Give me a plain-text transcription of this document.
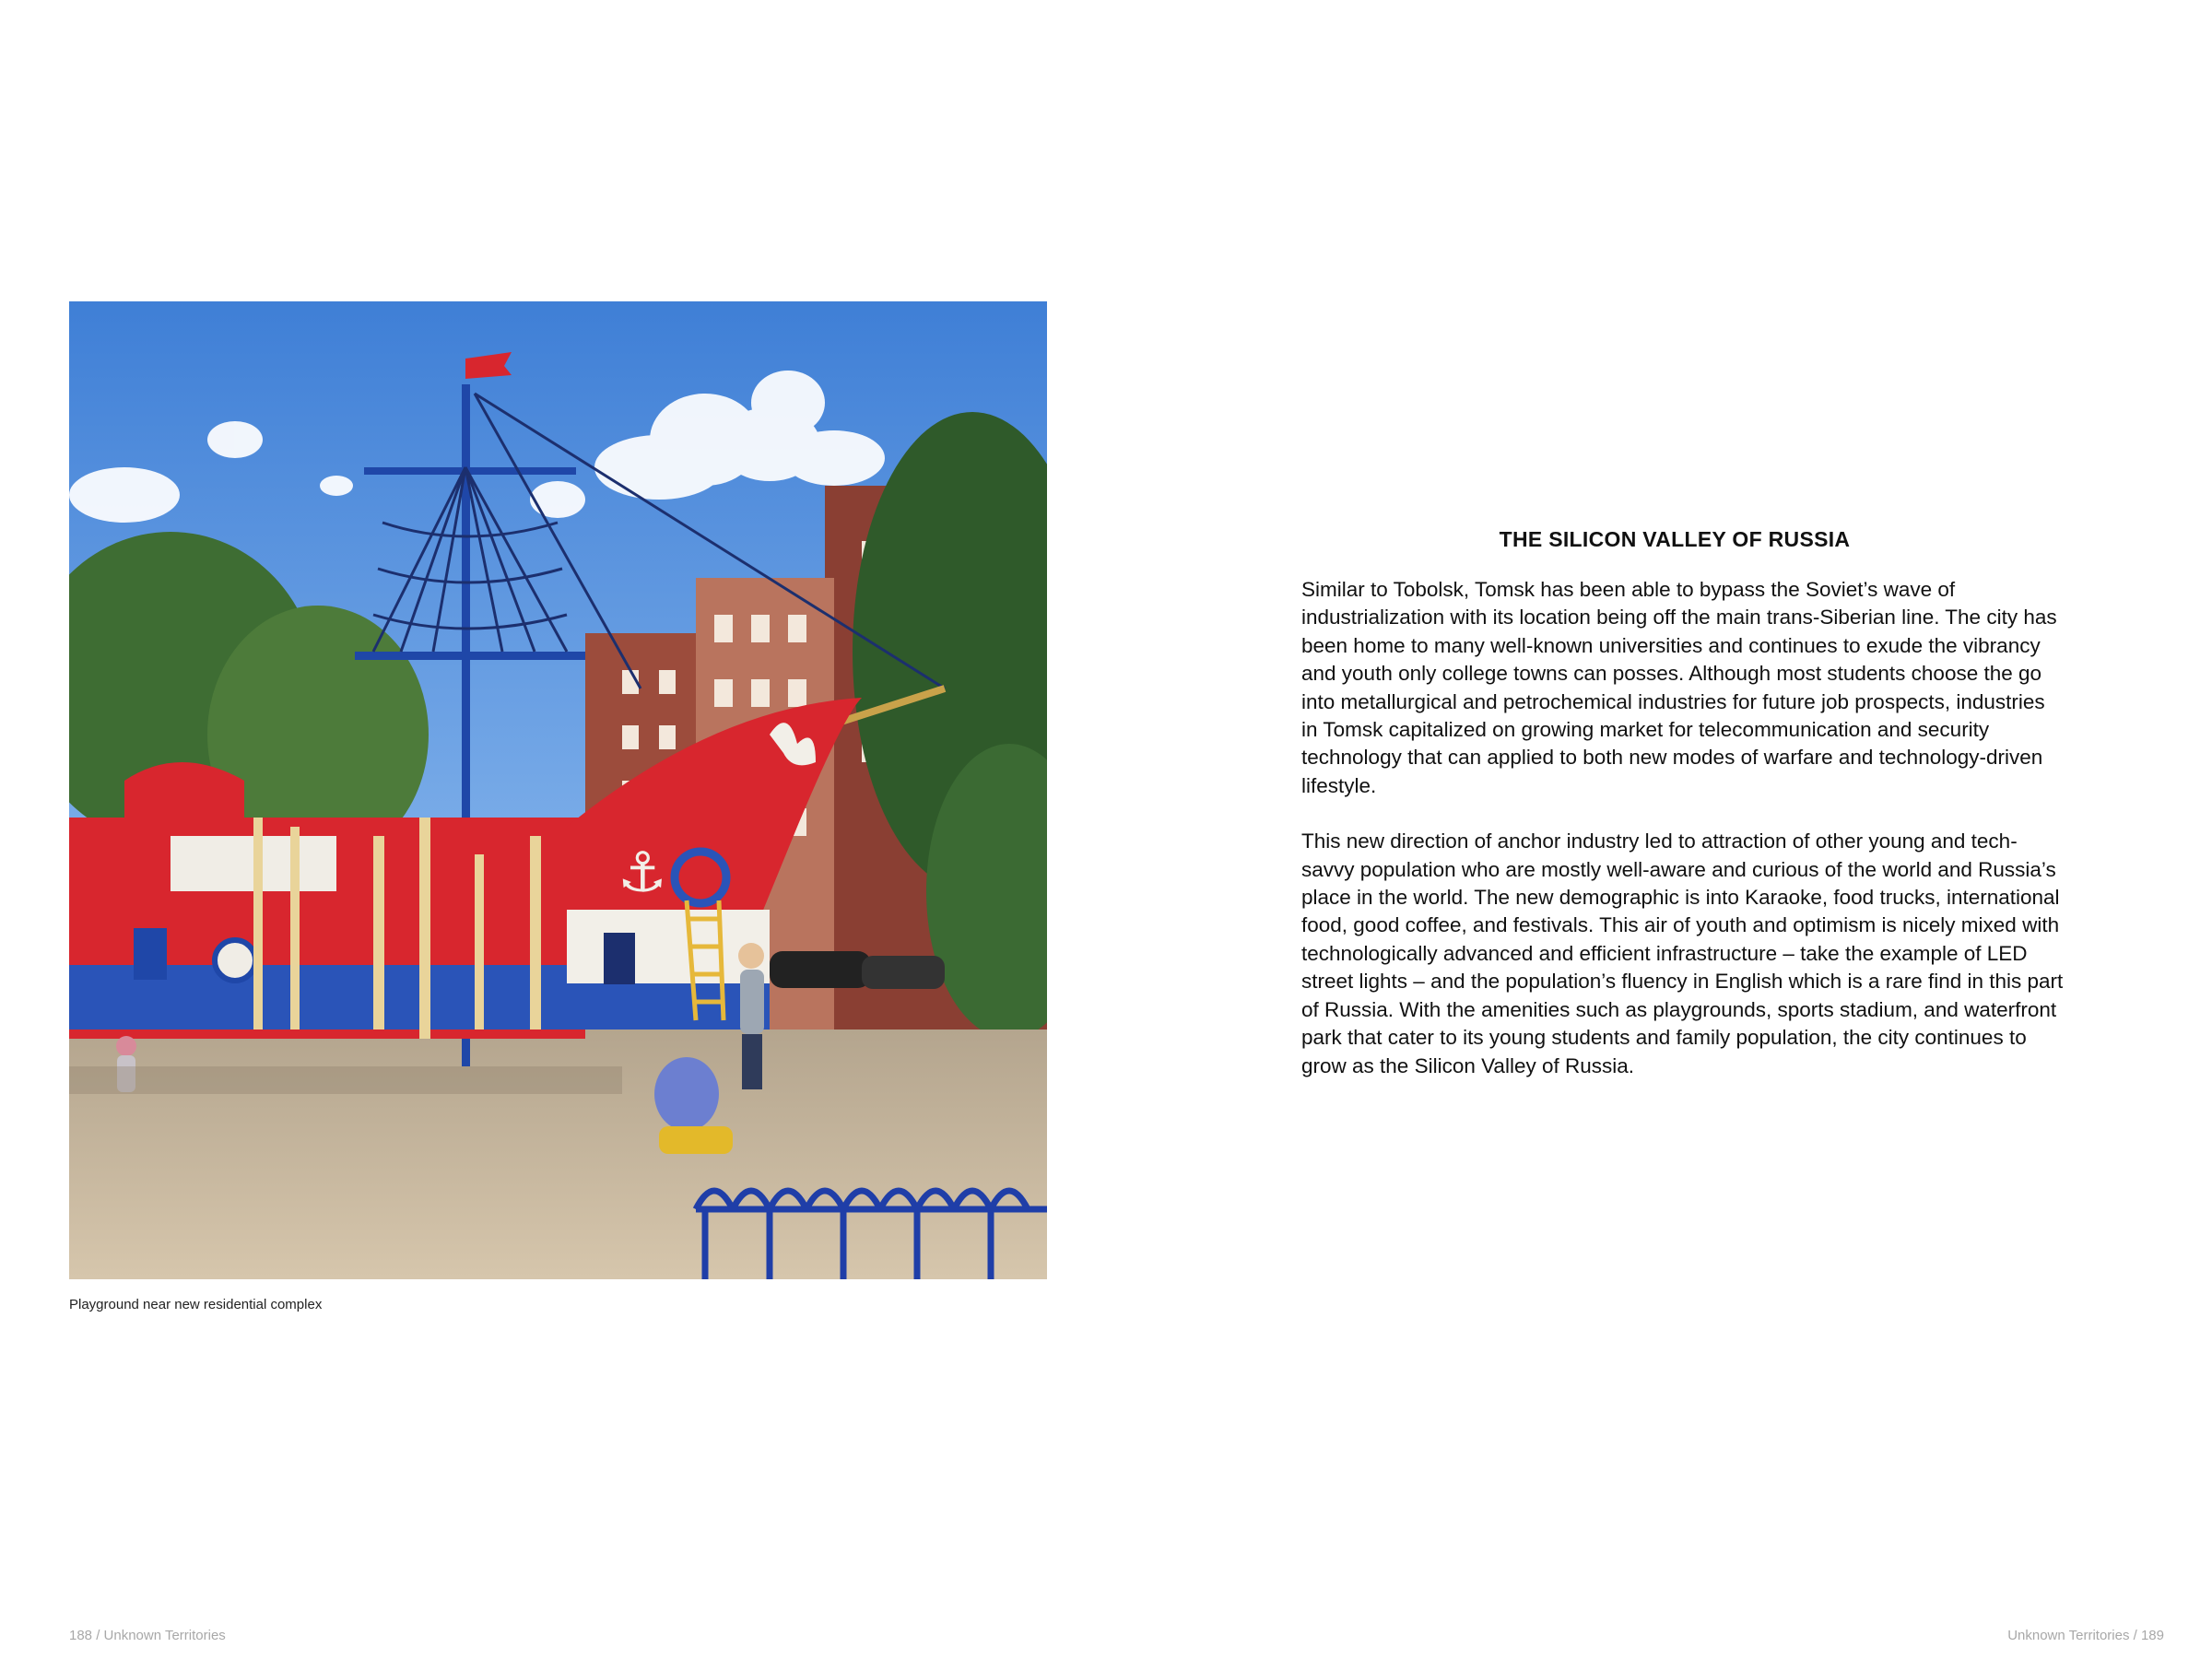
⚓
Playground near new residential complex
THE SILICON VALLEY OF RUSSIA

Similar to Tobolsk, Tomsk has been able to bypass the Soviet’s wave of industrialization with its location being off the main trans-Siberian line. The city has been home to many well-known universities and continues to exude the vibrancy and youth only college towns can posses. Although most students choose the go into metallurgical and petrochemical industries for future job prospects, industries in Tomsk capitalized on growing market for telecommunication and security technology that can applied to both new modes of warfare and technology-driven lifestyle.

This new direction of anchor industry led to attraction of other young and tech-savvy population who are mostly well-aware and curious of the world and Russia’s place in the world. The new demographic is into Karaoke, food trucks, international food, good coffee, and festivals. This air of youth and optimism is nicely mixed with technologically advanced and efficient infrastructure – take the example of LED street lights – and the population’s fluency in English which is a rare find in this part of Russia. With the amenities such as playgrounds, sports stadium, and waterfront park that cater to its young students and family population, the city continues to grow as the Silicon Valley of Russia.

188 / Unknown Territories	Unknown Territories / 189
